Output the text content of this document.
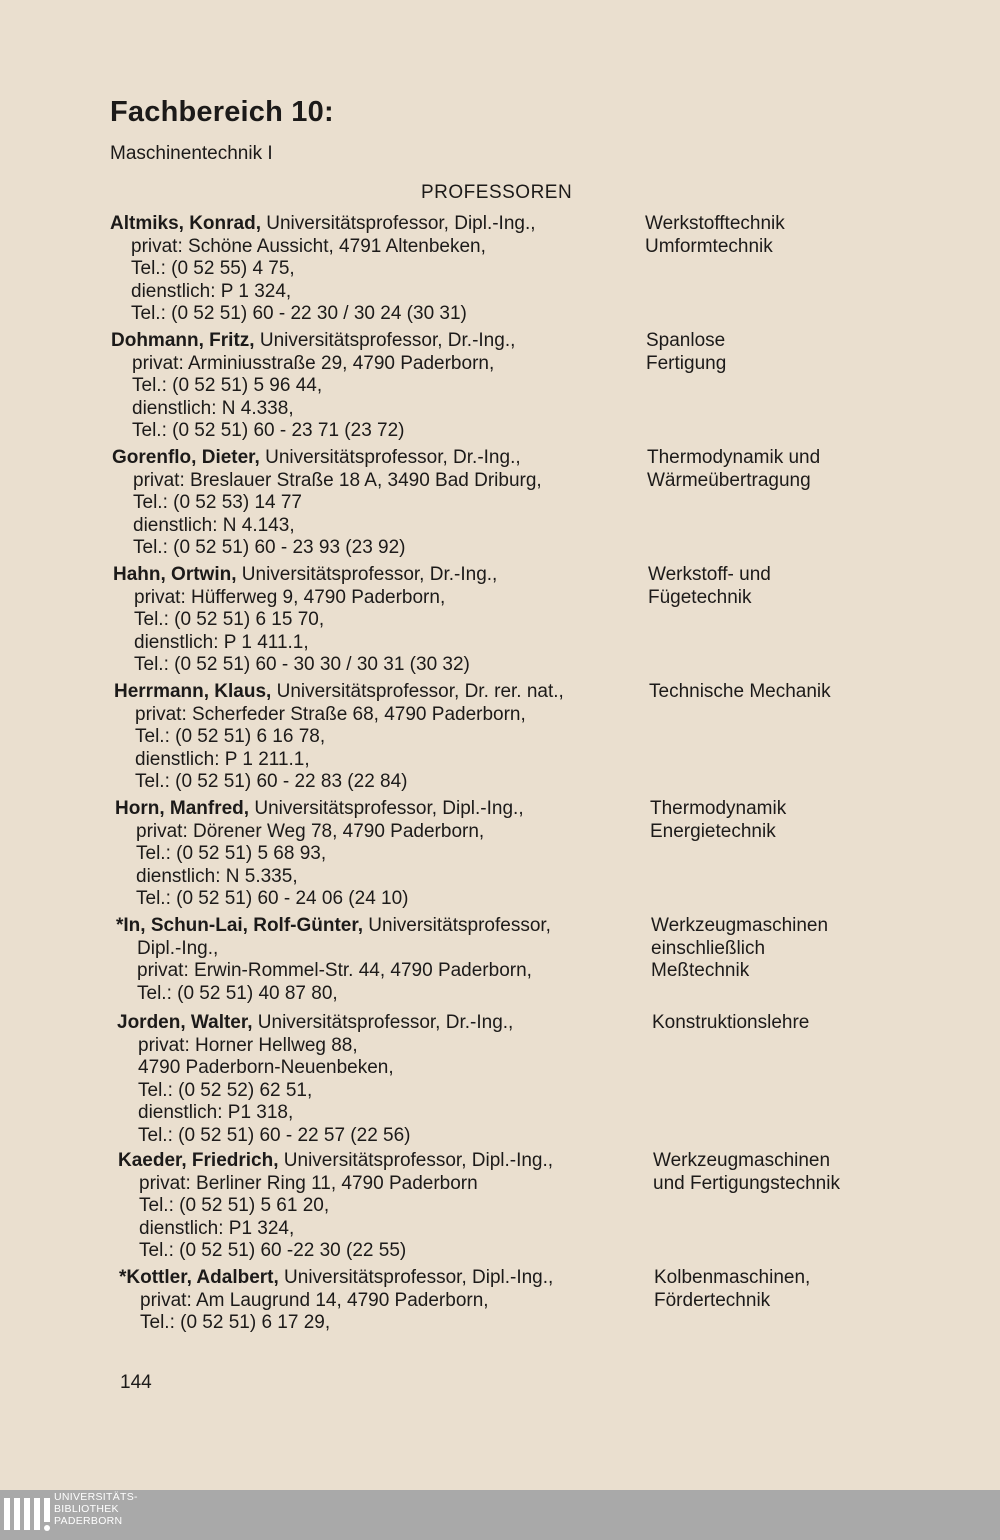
Fachbereich 10:
Maschinentechnik I
PROFESSOREN
Altmiks, Konrad, Universitätsprofessor, Dipl.-Ing.,
privat: Schöne Aussicht, 4791 Altenbeken,
Tel.: (0 52 55) 4 75,
dienstlich: P 1 324,
Tel.: (0 52 51) 60 - 22 30 / 30 24 (30 31)
Werkstofftechnik
Umformtechnik
Dohmann, Fritz, Universitätsprofessor, Dr.-Ing.,
privat: Arminiusstraße 29, 4790 Paderborn,
Tel.: (0 52 51) 5 96 44,
dienstlich: N 4.338,
Tel.: (0 52 51) 60 - 23 71 (23 72)
Spanlose
Fertigung
Gorenflo, Dieter, Universitätsprofessor, Dr.-Ing.,
privat: Breslauer Straße 18 A, 3490 Bad Driburg,
Tel.: (0 52 53) 14 77
dienstlich: N 4.143,
Tel.: (0 52 51) 60 - 23 93 (23 92)
Thermodynamik und
Wärmeübertragung
Hahn, Ortwin, Universitätsprofessor, Dr.-Ing.,
privat: Hüfferweg 9, 4790 Paderborn,
Tel.: (0 52 51) 6 15 70,
dienstlich: P 1 411.1,
Tel.: (0 52 51) 60 - 30 30 / 30 31 (30 32)
Werkstoff- und
Fügetechnik
Herrmann, Klaus, Universitätsprofessor, Dr. rer. nat.,
privat: Scherfeder Straße 68, 4790 Paderborn,
Tel.: (0 52 51) 6 16 78,
dienstlich: P 1 211.1,
Tel.: (0 52 51) 60 - 22 83 (22 84)
Technische Mechanik
Horn, Manfred, Universitätsprofessor, Dipl.-Ing.,
privat: Dörener Weg 78, 4790 Paderborn,
Tel.: (0 52 51) 5 68 93,
dienstlich: N 5.335,
Tel.: (0 52 51) 60 - 24 06 (24 10)
Thermodynamik
Energietechnik
*In, Schun-Lai, Rolf-Günter, Universitätsprofessor,
Dipl.-Ing.,
privat: Erwin-Rommel-Str. 44, 4790 Paderborn,
Tel.: (0 52 51) 40 87 80,
Werkzeugmaschinen
einschließlich
Meßtechnik
Jorden, Walter, Universitätsprofessor, Dr.-Ing.,
privat: Horner Hellweg 88,
4790 Paderborn-Neuenbeken,
Tel.: (0 52 52) 62 51,
dienstlich: P1 318,
Tel.: (0 52 51) 60 - 22 57 (22 56)
Konstruktionslehre
Kaeder, Friedrich, Universitätsprofessor, Dipl.-Ing.,
privat: Berliner Ring 11, 4790 Paderborn
Tel.: (0 52 51) 5 61 20,
dienstlich: P1 324,
Tel.: (0 52 51) 60 -22 30 (22 55)
Werkzeugmaschinen
und Fertigungstechnik
*Kottler, Adalbert, Universitätsprofessor, Dipl.-Ing.,
privat: Am Laugrund 14, 4790 Paderborn,
Tel.: (0 52 51) 6 17 29,
Kolbenmaschinen,
Fördertechnik
144
UNIVERSITÄTS-
BIBLIOTHEK
PADERBORN
